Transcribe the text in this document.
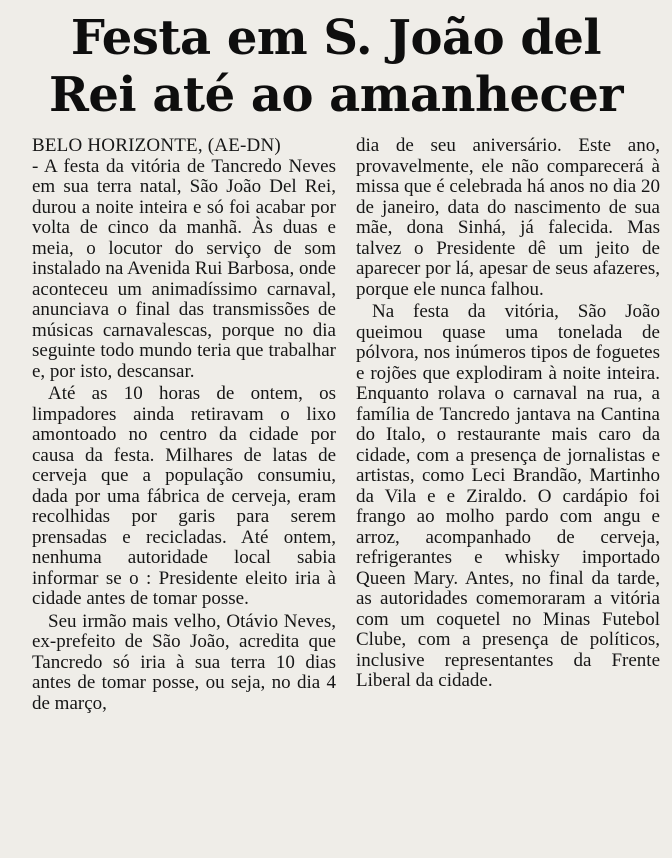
Festa em S. João del
Rei até ao amanhecer

BELO HORIZONTE, (AE-DN)
- A festa da vitória de Tancredo Neves em sua terra natal, São João Del Rei, durou a noite inteira e só foi acabar por volta de cinco da manhã. Às duas e meia, o locutor do serviço de som instalado na Avenida Rui Barbosa, onde aconteceu um animadíssimo carnaval, anunciava o final das transmissões de músicas carnavalescas, porque no dia seguinte todo mundo teria que trabalhar e, por isto, descansar.

Até as 10 horas de ontem, os limpadores ainda retiravam o lixo amontoado no centro da cidade por causa da festa. Milhares de latas de cerveja que a população consumiu, dada por uma fábrica de cerveja, eram recolhidas por garis para serem prensadas e recicladas. Até ontem, nenhuma autoridade local sabia informar se o : Presidente eleito iria à cidade antes de tomar posse.

Seu irmão mais velho, Otávio Neves, ex-prefeito de São João, acredita que Tancredo só iria à sua terra 10 dias antes de tomar posse, ou seja, no dia 4 de março,

dia de seu aniversário. Este ano, provavelmente, ele não comparecerá à missa que é celebrada há anos no dia 20 de janeiro, data do nascimento de sua mãe, dona Sinhá, já falecida. Mas talvez o Presidente dê um jeito de aparecer por lá, apesar de seus afazeres, porque ele nunca falhou.

Na festa da vitória, São João queimou quase uma tonelada de pólvora, nos inúmeros tipos de foguetes e rojões que explodiram à noite inteira. Enquanto rolava o carnaval na rua, a família de Tancredo jantava na Cantina do Italo, o restaurante mais caro da cidade, com a presença de jornalistas e artistas, como Leci Brandão, Martinho da Vila e e Ziraldo. O cardápio foi frango ao molho pardo com angu e arroz, acompanhado de cerveja, refrigerantes e whisky importado Queen Mary. Antes, no final da tarde, as autoridades comemoraram a vitória com um coquetel no Minas Futebol Clube, com a presença de políticos, inclusive representantes da Frente Liberal da cidade.
